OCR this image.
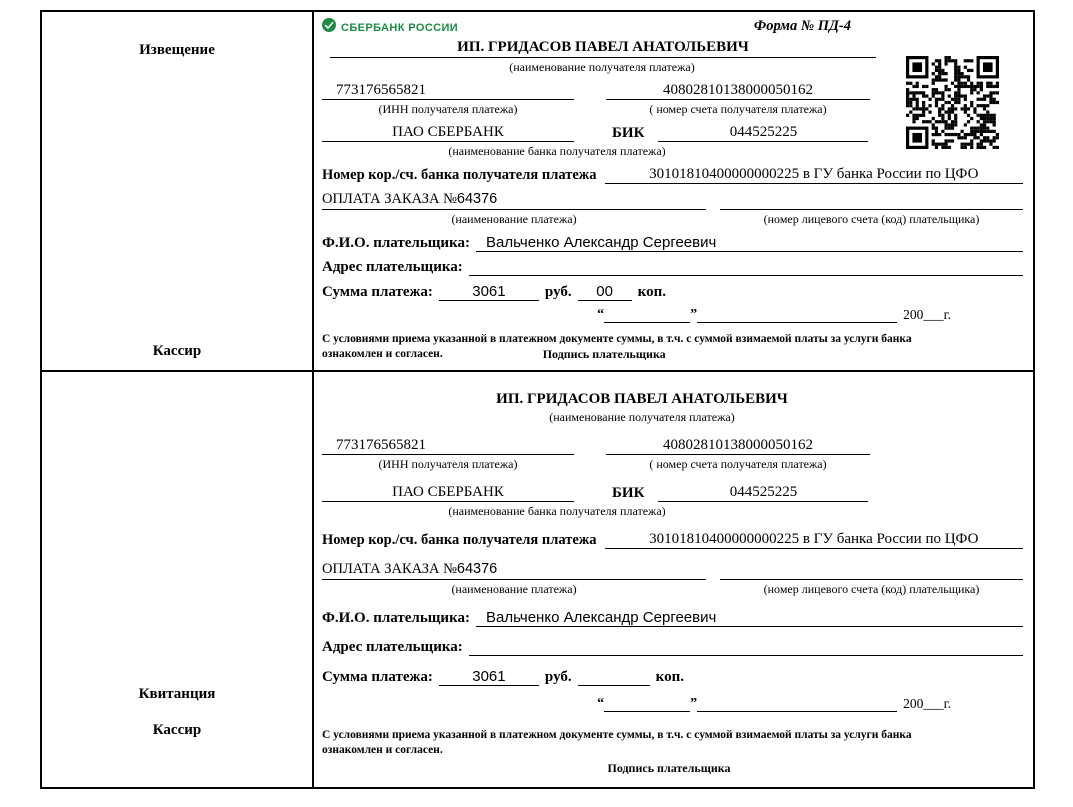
Извещение
Кассир
СБЕРБАНК РОССИИ	Форма № ПД-4
ИП. ГРИДАСОВ ПАВЕЛ АНАТОЛЬЕВИЧ
(наименование получателя платежа)
773176565821	40802810138000050162
(ИНН получателя платежа)	( номер счета получателя платежа)
ПАО СБЕРБАНК	БИК	044525225
(наименование банка получателя платежа)
Номер кор./сч. банка получателя платежа	30101810400000000225 в ГУ банка России по ЦФО
ОПЛАТА ЗАКАЗА №64376
(наименование платежа)	(номер лицевого счета (код) плательщика)
Ф.И.О. плательщика:	Вальченко Александр Сергеевич
Адрес плательщика:

Сумма платежа:	3061	руб.	00	коп.
“	”	200___г.
С условиями приема указанной в платежном документе суммы, в т.ч. с суммой взимаемой платы за услуги банка
ознакомлен и согласен.	Подпись плательщика
Квитанция
Кассир
ИП. ГРИДАСОВ ПАВЕЛ АНАТОЛЬЕВИЧ
(наименование получателя платежа)
773176565821	40802810138000050162
(ИНН получателя платежа)	( номер счета получателя платежа)
ПАО СБЕРБАНК	БИК	044525225
(наименование банка получателя платежа)
Номер кор./сч. банка получателя платежа	30101810400000000225 в ГУ банка России по ЦФО
ОПЛАТА ЗАКАЗА №64376
(наименование платежа)	(номер лицевого счета (код) плательщика)
Ф.И.О. плательщика:	Вальченко Александр Сергеевич
Адрес плательщика:

Сумма платежа:	3061	руб.	коп.
“	”	200___г.
С условиями приема указанной в платежном документе суммы, в т.ч. с суммой взимаемой платы за услуги банка
ознакомлен и согласен.
Подпись плательщика
